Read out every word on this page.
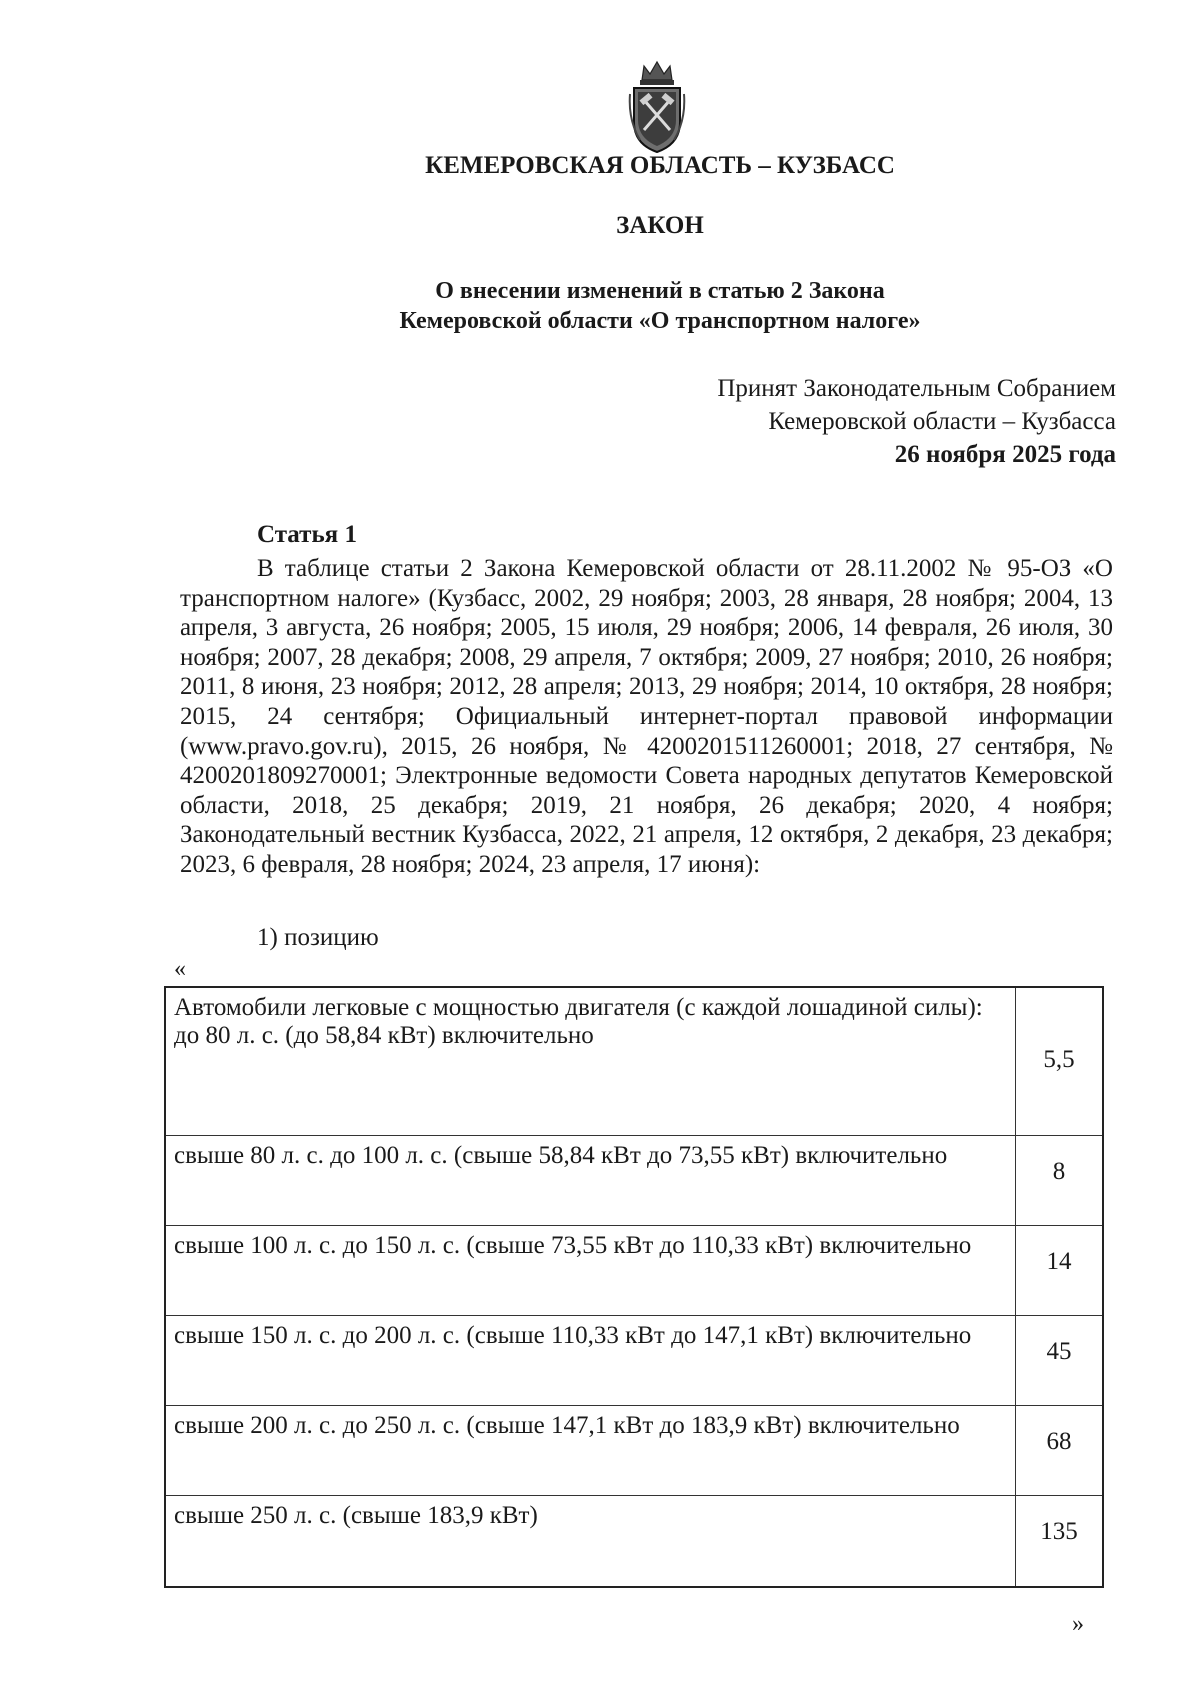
КЕМЕРОВСКАЯ ОБЛАСТЬ – КУЗБАСС
ЗАКОН
О внесении изменений в статью 2 Закона
Кемеровской области «О транспортном налоге»
Принят Законодательным Собранием
Кемеровской области – Кузбасса
26 ноября 2025 года
Статья 1

В таблице статьи 2 Закона Кемеровской области от 28.11.2002 № 95-ОЗ «О транспортном налоге» (Кузбасс, 2002, 29 ноября; 2003, 28 января, 28 ноября; 2004, 13 апреля, 3 августа, 26 ноября; 2005, 15 июля, 29 ноября; 2006, 14 февраля, 26 июля, 30 ноября; 2007, 28 декабря; 2008, 29 апреля, 7 октября; 2009, 27 ноября; 2010, 26 ноября; 2011, 8 июня, 23 ноября; 2012, 28 апреля; 2013, 29 ноября; 2014, 10 октября, 28 ноября; 2015, 24 сентября; Официальный интернет-портал правовой информации (www.pravo.gov.ru), 2015, 26 ноября, № 4200201511260001; 2018, 27 сентября, № 4200201809270001; Электронные ведомости Совета народных депутатов Кемеровской области, 2018, 25 декабря; 2019, 21 ноября, 26 декабря; 2020, 4 ноября; Законодательный вестник Кузбасса, 2022, 21 апреля, 12 октября, 2 декабря, 23 декабря; 2023, 6 февраля, 28 ноября; 2024, 23 апреля, 17 июня):

1) позицию
«
Автомобили легковые с мощностью двигателя (с каждой лошадиной силы):
до 80 л. с. (до 58,84 кВт) включительно	5,5
свыше 80 л. с. до 100 л. с. (свыше 58,84 кВт до 73,55 кВт) включительно	8
свыше 100 л. с. до 150 л. с. (свыше 73,55 кВт до 110,33 кВт) включительно	14
свыше 150 л. с. до 200 л. с. (свыше 110,33 кВт до 147,1 кВт) включительно	45
свыше 200 л. с. до 250 л. с. (свыше 147,1 кВт до 183,9 кВт) включительно	68
свыше 250 л. с. (свыше 183,9 кВт)	135
»
